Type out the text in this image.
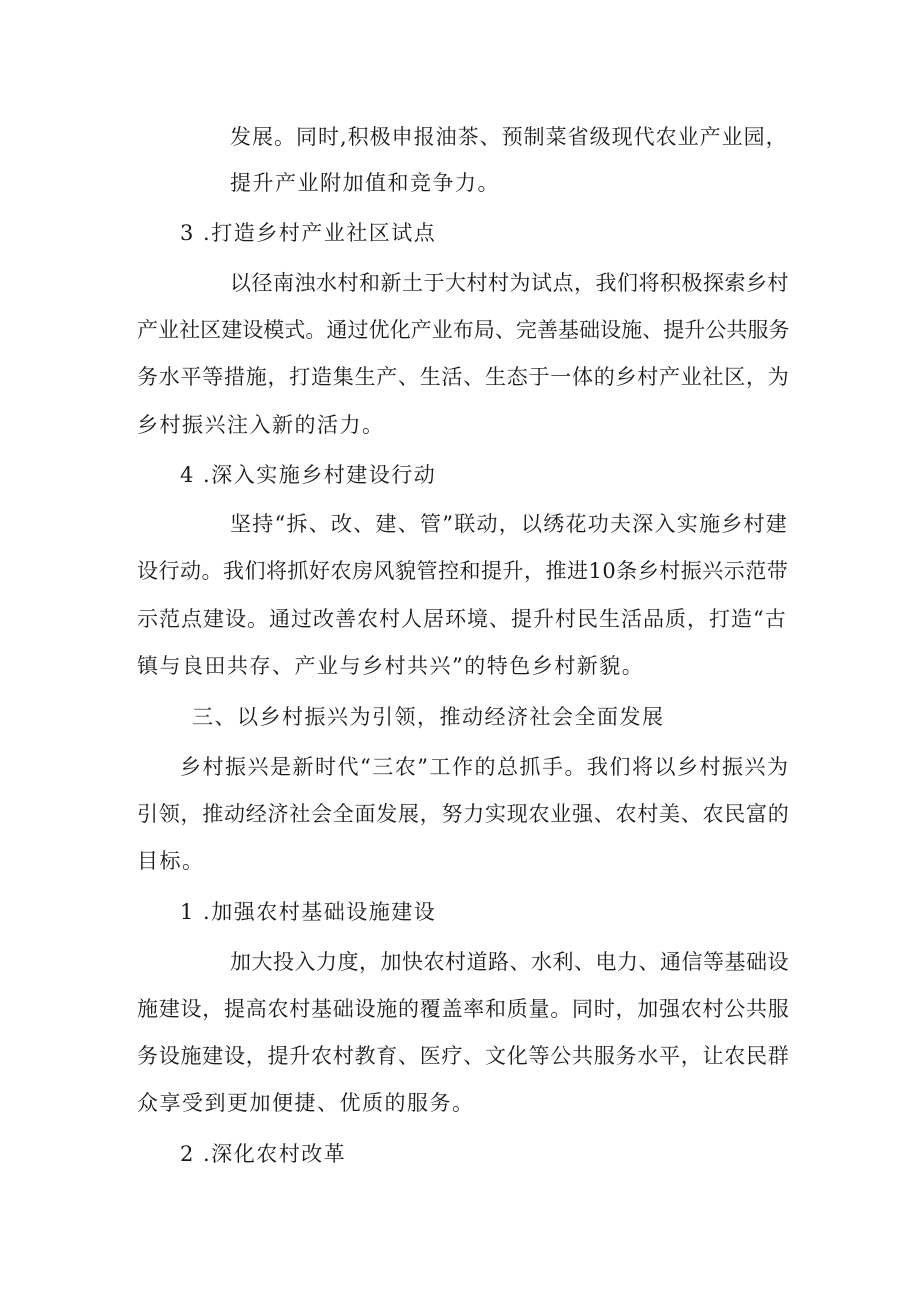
发展。同时,积极申报油茶、预制菜省级现代农业产业园，
提升产业附加值和竞争力。
3 .打造乡村产业社区试点
以径南浊水村和新土于大村村为试点，我们将积极探索乡村
产业社区建设模式。通过优化产业布局、完善基础设施、提升公共服务
务水平等措施，打造集生产、生活、生态于一体的乡村产业社区，为
乡村振兴注入新的活力。
4 .深入实施乡村建设行动
坚持“拆、改、建、管”联动，以绣花功夫深入实施乡村建
设行动。我们将抓好农房风貌管控和提升，推进10条乡村振兴示范带
示范点建设。通过改善农村人居环境、提升村民生活品质，打造“古
镇与良田共存、产业与乡村共兴”的特色乡村新貌。
三、以乡村振兴为引领，推动经济社会全面发展
乡村振兴是新时代“三农”工作的总抓手。我们将以乡村振兴为
引领，推动经济社会全面发展，努力实现农业强、农村美、农民富的
目标。
1 .加强农村基础设施建设
加大投入力度，加快农村道路、水利、电力、通信等基础设
施建设，提高农村基础设施的覆盖率和质量。同时，加强农村公共服
务设施建设，提升农村教育、医疗、文化等公共服务水平，让农民群
众享受到更加便捷、优质的服务。
2 .深化农村改革
